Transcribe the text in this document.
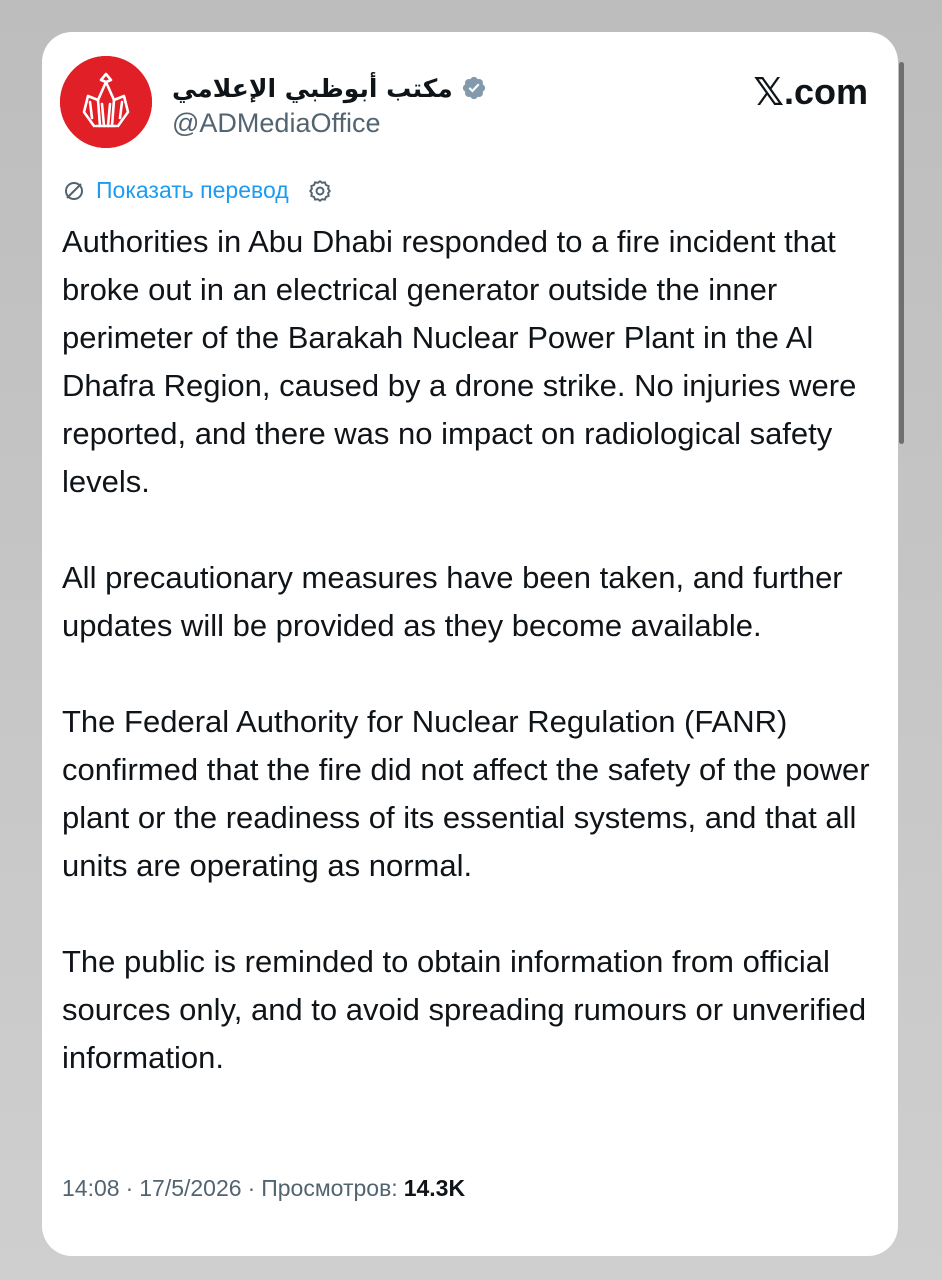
مكتب أبوظبي الإعلامي
@ADMediaOffice
𝕏 .com
Показать перевод

Authorities in Abu Dhabi responded to a fire incident that broke out in an electrical generator outside the inner perimeter of the Barakah Nuclear Power Plant in the Al Dhafra Region, caused by a drone strike. No injuries were reported, and there was no impact on radiological safety levels.

All precautionary measures have been taken, and further updates will be provided as they become available.

The Federal Authority for Nuclear Regulation (FANR) confirmed that the fire did not affect the safety of the power plant or the readiness of its essential systems, and that all units are operating as normal.

The public is reminded to obtain information from official sources only, and to avoid spreading rumours or unverified information.

14:08 · 17/5/2026 · Просмотров: 14.3K
